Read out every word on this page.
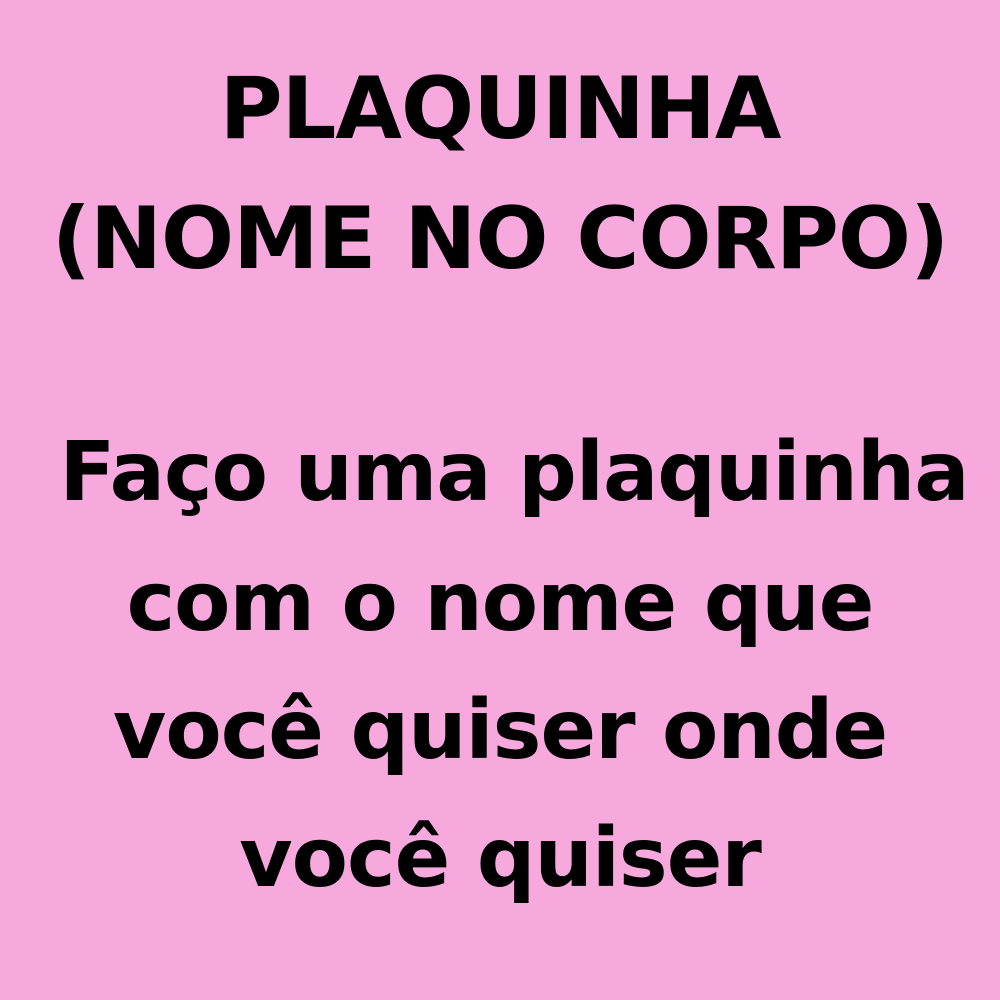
PLAQUINHA
(NOME NO CORPO)
Faço uma plaquinha
com o nome que
você quiser onde
você quiser
